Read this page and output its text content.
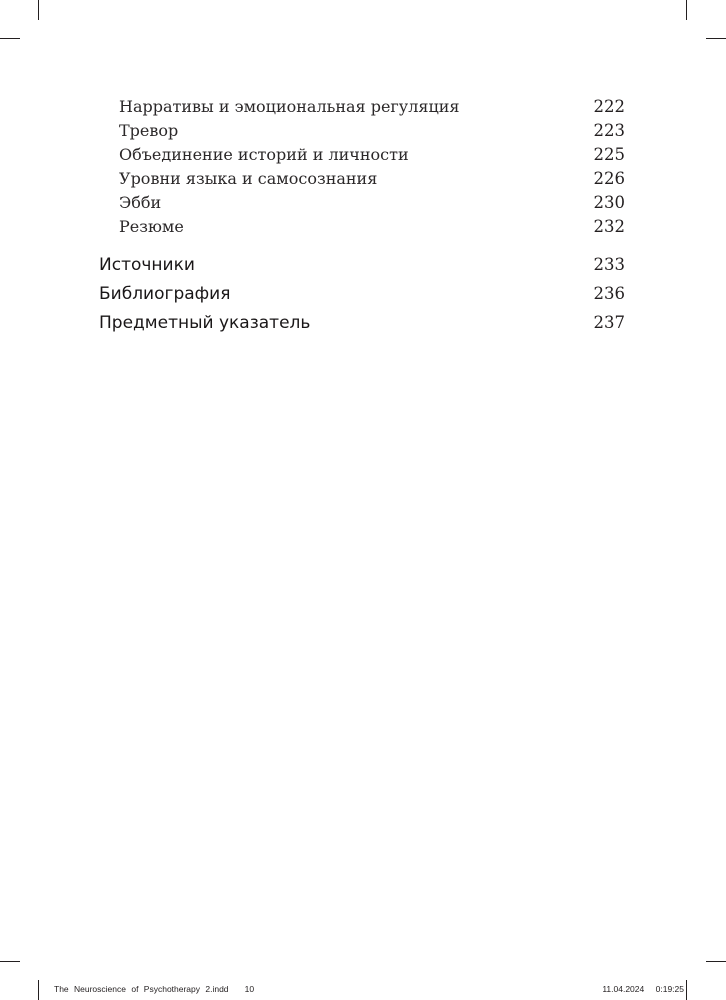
Нарративы и эмоциональная регуляция	222
Тревор	223
Объединение историй и личности	225
Уровни языка и самосознания	226
Эбби	230
Резюме	232
Источники	233
Библиография	236
Предметный указатель	237
The Neuroscience of Psychotherapy 2.indd 10	11.04.2024 0:19:25
